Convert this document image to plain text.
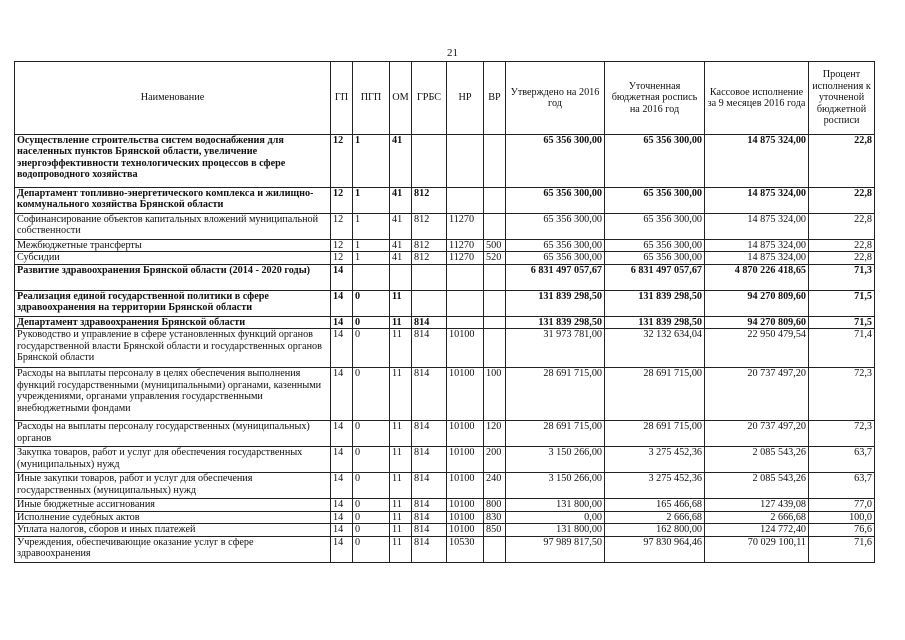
21
Наименование	ГП	ПГП	ОМ	ГРБС	НР	ВР	Утверждено на 2016 год	Уточненная бюджетная роспись на 2016 год	Кассовое исполнение за 9 месяцев 2016 года	Процент исполнения к уточненой бюджетной росписи
Осуществление строительства систем водоснабжения для населенных пунктов Брянской области, увеличение энергоэффективности технологических процессов в сфере водопроводного хозяйства	12	1	41				65 356 300,00	65 356 300,00	14 875 324,00	22,8
Департамент топливно-энергетического комплекса и жилищно-коммунального хозяйства Брянской области	12	1	41	812			65 356 300,00	65 356 300,00	14 875 324,00	22,8
Софинансирование объектов капитальных вложений муниципальной собственности	12	1	41	812	11270		65 356 300,00	65 356 300,00	14 875 324,00	22,8
Межбюджетные трансферты	12	1	41	812	11270	500	65 356 300,00	65 356 300,00	14 875 324,00	22,8
Субсидии	12	1	41	812	11270	520	65 356 300,00	65 356 300,00	14 875 324,00	22,8
Развитие здравоохранения Брянской области (2014 - 2020 годы)	14						6 831 497 057,67	6 831 497 057,67	4 870 226 418,65	71,3
Реализация единой государственной политики в сфере здравоохранения на территории Брянской области	14	0	11				131 839 298,50	131 839 298,50	94 270 809,60	71,5
Департамент здравоохранения Брянской области	14	0	11	814			131 839 298,50	131 839 298,50	94 270 809,60	71,5
Руководство и управление в сфере установленных функций органов государственной власти Брянской области и государственных органов Брянской области	14	0	11	814	10100		31 973 781,00	32 132 634,04	22 950 479,54	71,4
Расходы на выплаты персоналу в целях обеспечения выполнения функций государственными (муниципальными) органами, казенными учреждениями, органами управления государственными внебюджетными фондами	14	0	11	814	10100	100	28 691 715,00	28 691 715,00	20 737 497,20	72,3
Расходы на выплаты персоналу государственных (муниципальных) органов	14	0	11	814	10100	120	28 691 715,00	28 691 715,00	20 737 497,20	72,3
Закупка товаров, работ и услуг для обеспечения государственных (муниципальных) нужд	14	0	11	814	10100	200	3 150 266,00	3 275 452,36	2 085 543,26	63,7
Иные закупки товаров, работ и услуг для обеспечения государственных (муниципальных) нужд	14	0	11	814	10100	240	3 150 266,00	3 275 452,36	2 085 543,26	63,7
Иные бюджетные ассигнования	14	0	11	814	10100	800	131 800,00	165 466,68	127 439,08	77,0
Исполнение судебных актов	14	0	11	814	10100	830	0,00	2 666,68	2 666,68	100,0
Уплата налогов, сборов и иных платежей	14	0	11	814	10100	850	131 800,00	162 800,00	124 772,40	76,6
Учреждения, обеспечивающие оказание услуг в сфере здравоохранения	14	0	11	814	10530		97 989 817,50	97 830 964,46	70 029 100,11	71,6
